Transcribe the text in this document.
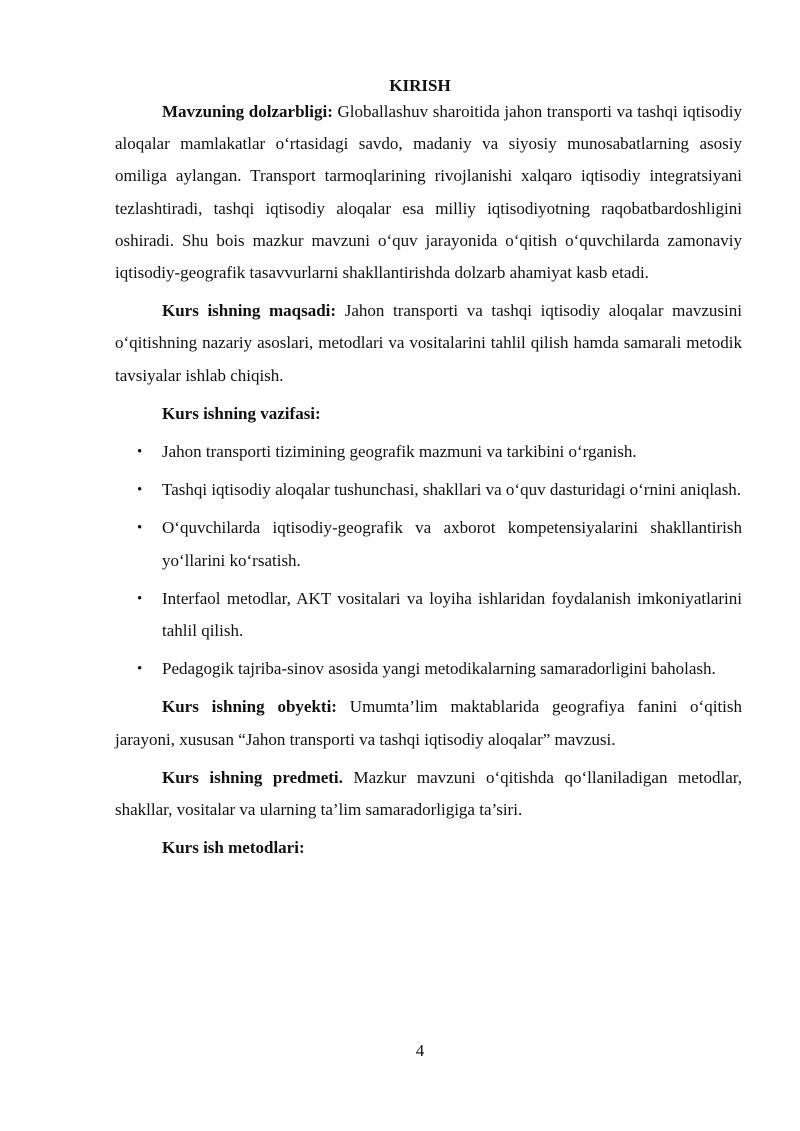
KIRISH

Mavzuning dolzarbligi: Globallashuv sharoitida jahon transporti va tashqi iqtisodiy aloqalar mamlakatlar o‘rtasidagi savdo, madaniy va siyosiy munosabatlarning asosiy omiliga aylangan. Transport tarmoqlarining rivojlanishi xalqaro iqtisodiy integratsiyani tezlashtiradi, tashqi iqtisodiy aloqalar esa milliy iqtisodiyotning raqobatbardoshligini oshiradi. Shu bois mazkur mavzuni o‘quv jarayonida o‘qitish o‘quvchilarda zamonaviy iqtisodiy-geografik tasavvurlarni shakllantirishda dolzarb ahamiyat kasb etadi.

Kurs ishning maqsadi: Jahon transporti va tashqi iqtisodiy aloqalar mavzusini o‘qitishning nazariy asoslari, metodlari va vositalarini tahlil qilish hamda samarali metodik tavsiyalar ishlab chiqish.

Kurs ishning vazifasi:

• Jahon transporti tizimining geografik mazmuni va tarkibini o‘rganish.
• Tashqi iqtisodiy aloqalar tushunchasi, shakllari va o‘quv dasturidagi o‘rnini aniqlash.
• O‘quvchilarda iqtisodiy-geografik va axborot kompetensiyalarini shakllantirish yo‘llarini ko‘rsatish.
• Interfaol metodlar, AKT vositalari va loyiha ishlaridan foydalanish imkoniyatlarini tahlil qilish.
• Pedagogik tajriba-sinov asosida yangi metodikalarning samaradorligini baholash.

Kurs ishning obyekti: Umumta’lim maktablarida geografiya fanini o‘qitish jarayoni, xususan “Jahon transporti va tashqi iqtisodiy aloqalar” mavzusi.

Kurs ishning predmeti. Mazkur mavzuni o‘qitishda qo‘llaniladigan metodlar, shakllar, vositalar va ularning ta’lim samaradorligiga ta’siri.

Kurs ish metodlari:

4
